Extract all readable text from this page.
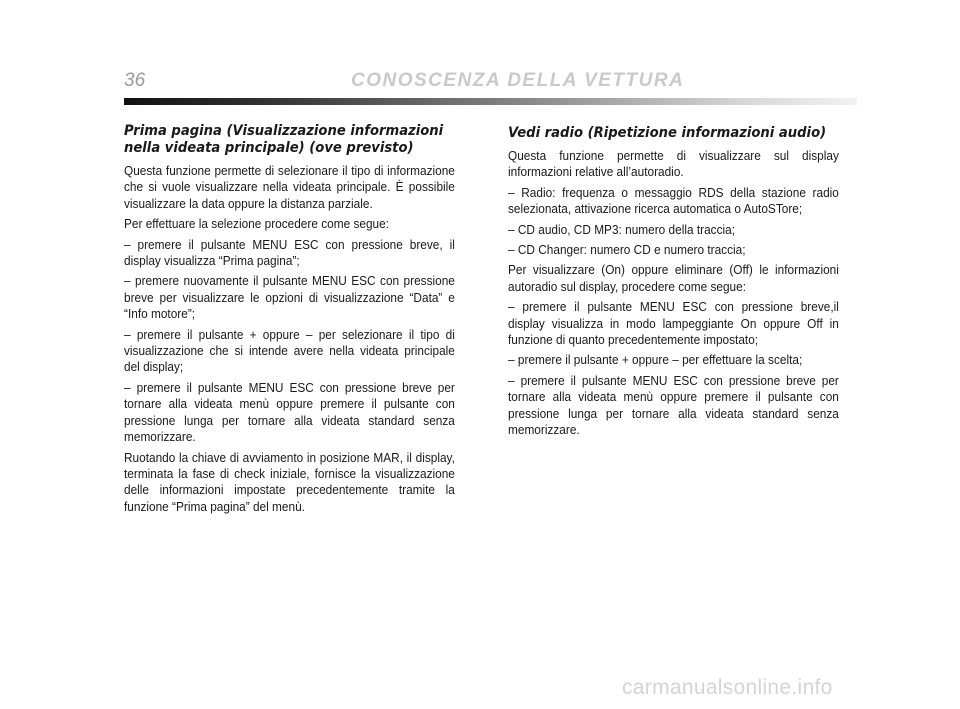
36	CONOSCENZA DELLA VETTURA
Prima pagina (Visualizzazione informazioni nella videata principale) (ove previsto)

Questa funzione permette di selezionare il tipo di informazione che si vuole visualizzare nella videata principale. È possibile visualizzare la data oppure la distanza parziale.

Per effettuare la selezione procedere come segue:

– premere il pulsante MENU ESC con pressione breve, il display visualizza “Prima pagina”;

– premere nuovamente il pulsante MENU ESC con pressione breve per visualizzare le opzioni di visualizzazione “Data” e “Info motore”;

– premere il pulsante + oppure – per selezionare il tipo di visualizzazione che si intende avere nella videata principale del display;

– premere il pulsante MENU ESC con pressione breve per tornare alla videata menù oppure premere il pulsante con pressione lunga per tornare alla videata standard senza memorizzare.

Ruotando la chiave di avviamento in posizione MAR, il display, terminata la fase di check iniziale, fornisce la visualizzazione delle informazioni impostate precedentemente tramite la funzione “Prima pagina” del menù.

Vedi radio (Ripetizione informazioni audio)

Questa funzione permette di visualizzare sul display informazioni relative all’autoradio.

– Radio: frequenza o messaggio RDS della stazione radio selezionata, attivazione ricerca automatica o AutoSTore;

– CD audio, CD MP3: numero della traccia;

– CD Changer: numero CD e numero traccia;

Per visualizzare (On) oppure eliminare (Off) le informazioni autoradio sul display, procedere come segue:

– premere il pulsante MENU ESC con pressione breve,il display visualizza in modo lampeggiante On oppure Off in funzione di quanto precedentemente impostato;

– premere il pulsante + oppure – per effettuare la scelta;

– premere il pulsante MENU ESC con pressione breve per tornare alla videata menù oppure premere il pulsante con pressione lunga per tornare alla videata standard senza memorizzare.

carmanualsonline.info
